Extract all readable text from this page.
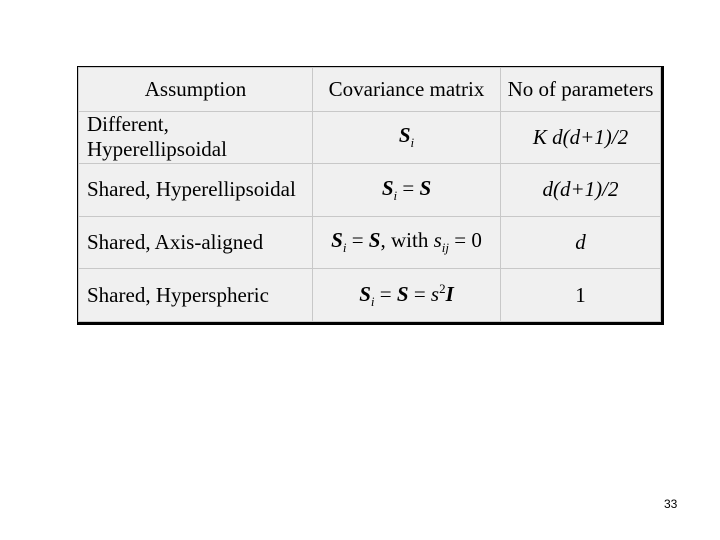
Assumption	Covariance matrix	No of parameters
Different, Hyperellipsoidal	$S_i$	K d(d+1)/2
Shared, Hyperellipsoidal	$S_i = S$	d(d+1)/2
Shared, Axis-aligned	$S_i = S$, with $s_{ij} = 0$	d
Shared, Hyperspheric	$S_i = S = s^2I$	1
33
